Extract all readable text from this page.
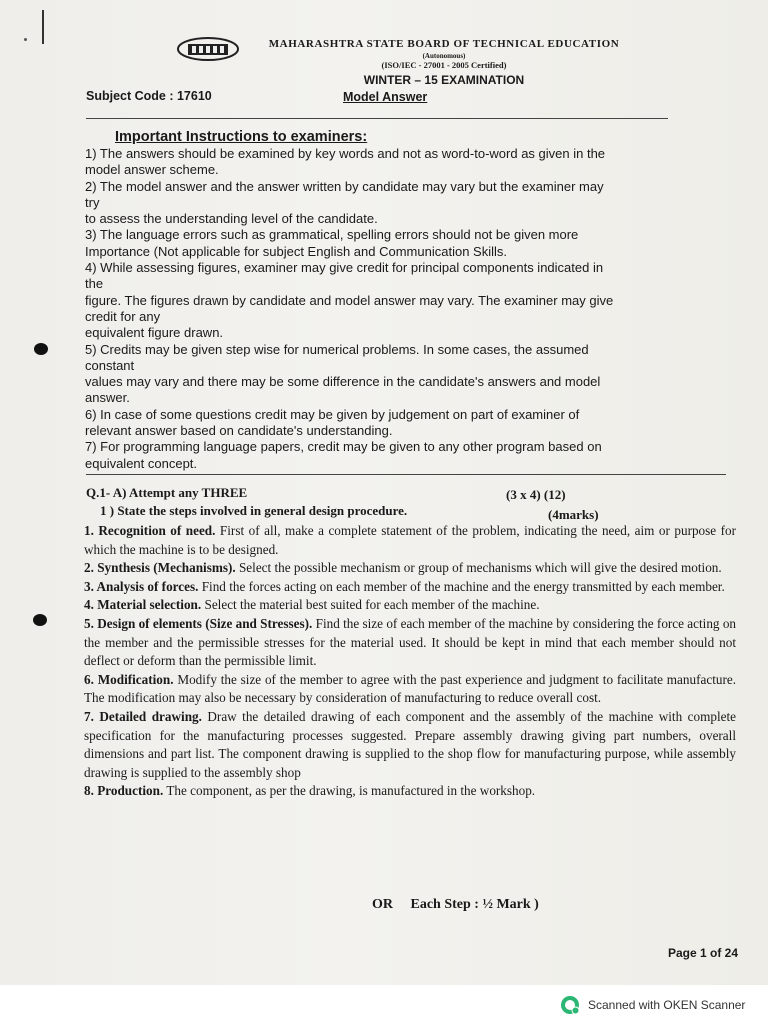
MAHARASHTRA STATE BOARD OF TECHNICAL EDUCATION
(Autonomous)
(ISO/IEC - 27001 - 2005 Certified)
WINTER – 15 EXAMINATION
Subject Code : 17610	Model Answer
Important Instructions to examiners:
1) The answers should be examined by key words and not as word-to-word as given in the
model answer scheme.
2) The model answer and the answer written by candidate may vary but the examiner may
try
to assess the understanding level of the candidate.
3) The language errors such as grammatical, spelling errors should not be given more
Importance (Not applicable for subject English and Communication Skills.
4) While assessing figures, examiner may give credit for principal components indicated in
the
figure. The figures drawn by candidate and model answer may vary. The examiner may give
credit for any
equivalent figure drawn.
5) Credits may be given step wise for numerical problems. In some cases, the assumed
constant
values may vary and there may be some difference in the candidate's answers and model
answer.
6) In case of some questions credit may be given by judgement on part of examiner of
relevant answer based on candidate's understanding.
7) For programming language papers, credit may be given to any other program based on
equivalent concept.
Q.1- A) Attempt any THREE	(3 x 4) (12)
1 ) State the steps involved in general design procedure.	(4marks)

1. Recognition of need. First of all, make a complete statement of the problem, indicating the need, aim or purpose for which the machine is to be designed.

2. Synthesis (Mechanisms). Select the possible mechanism or group of mechanisms which will give the desired motion.

3. Analysis of forces. Find the forces acting on each member of the machine and the energy transmitted by each member.

4. Material selection. Select the material best suited for each member of the machine.

5. Design of elements (Size and Stresses). Find the size of each member of the machine by considering the force acting on the member and the permissible stresses for the material used. It should be kept in mind that each member should not deflect or deform than the permissible limit.

6. Modification. Modify the size of the member to agree with the past experience and judgment to facilitate manufacture. The modification may also be necessary by consideration of manufacturing to reduce overall cost.

7. Detailed drawing. Draw the detailed drawing of each component and the assembly of the machine with complete specification for the manufacturing processes suggested. Prepare assembly drawing giving part numbers, overall dimensions and part list. The component drawing is supplied to the shop flow for manufacturing purpose, while assembly drawing is supplied to the assembly shop

8. Production. The component, as per the drawing, is manufactured in the workshop.

OR     Each Step : ½ Mark )
Page 1 of 24
Scanned with OKEN Scanner
